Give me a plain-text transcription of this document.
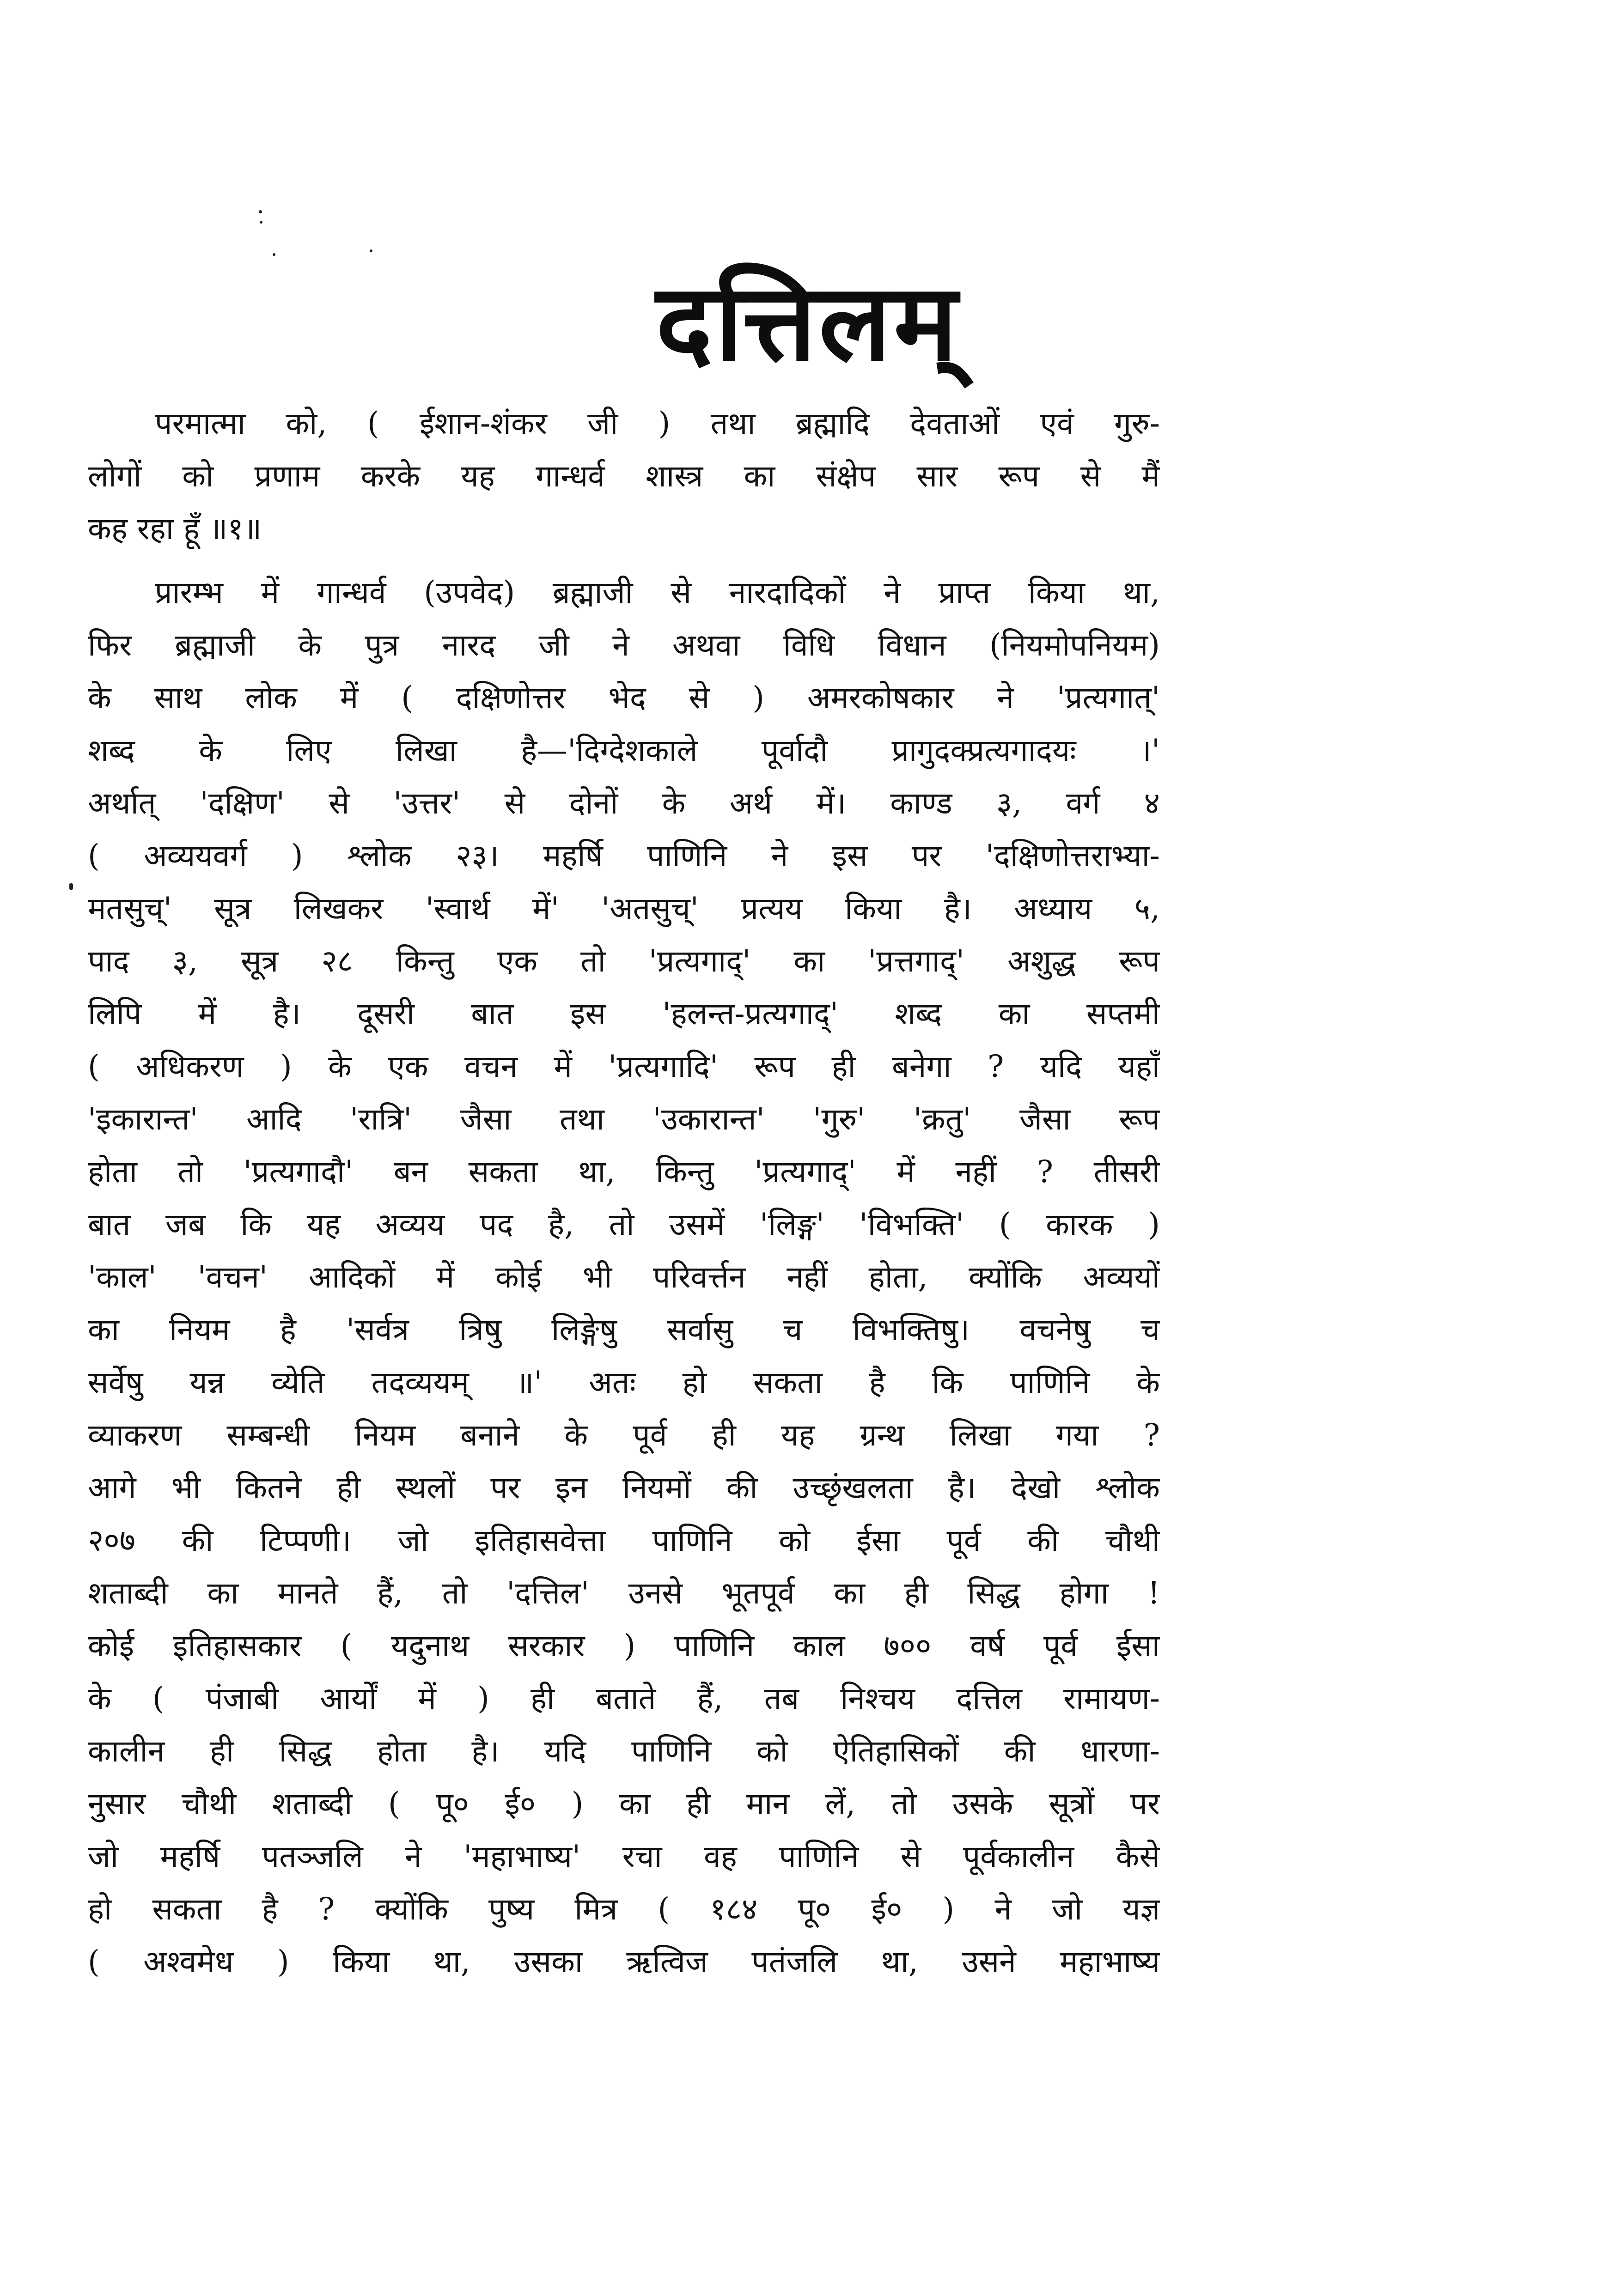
दत्तिलम्
परमात्मा को, ( ईशान-शंकर जी ) तथा ब्रह्मादि देवताओं एवं गुरु-
लोगों को प्रणाम करके यह गान्धर्व शास्त्र का संक्षेप सार रूप से मैं
कह रहा हूँ ॥१॥
प्रारम्भ में गान्धर्व (उपवेद) ब्रह्माजी से नारदादिकों ने प्राप्त किया था,
फिर ब्रह्माजी के पुत्र नारद जी ने अथवा विधि विधान (नियमोपनियम)
के साथ लोक में ( दक्षिणोत्तर भेद से ) अमरकोषकार ने 'प्रत्यगात्'
शब्द के लिए लिखा है—'दिग्देशकाले पूर्वादौ प्रागुदक्प्रत्यगादयः ।'
अर्थात् 'दक्षिण' से 'उत्तर' से दोनों के अर्थ में। काण्ड ३, वर्ग ४
( अव्ययवर्ग ) श्लोक २३। महर्षि पाणिनि ने इस पर 'दक्षिणोत्तराभ्या-
मतसुच्' सूत्र लिखकर 'स्वार्थ में' 'अतसुच्' प्रत्यय किया है। अध्याय ५,
पाद ३, सूत्र २८ किन्तु एक तो 'प्रत्यगाद्' का 'प्रत्तगाद्' अशुद्ध रूप
लिपि में है। दूसरी बात इस 'हलन्त-प्रत्यगाद्' शब्द का सप्तमी
( अधिकरण ) के एक वचन में 'प्रत्यगादि' रूप ही बनेगा ? यदि यहाँ
'इकारान्त' आदि 'रात्रि' जैसा तथा 'उकारान्त' 'गुरु' 'क्रतु' जैसा रूप
होता तो 'प्रत्यगादौ' बन सकता था, किन्तु 'प्रत्यगाद्' में नहीं ? तीसरी
बात जब कि यह अव्यय पद है, तो उसमें 'लिङ्ग' 'विभक्ति' ( कारक )
'काल' 'वचन' आदिकों में कोई भी परिवर्त्तन नहीं होता, क्योंकि अव्ययों
का नियम है 'सर्वत्र त्रिषु लिङ्गेषु सर्वासु च विभक्तिषु। वचनेषु च
सर्वेषु यन्न व्येति तदव्ययम् ॥' अतः हो सकता है कि पाणिनि के
व्याकरण सम्बन्धी नियम बनाने के पूर्व ही यह ग्रन्थ लिखा गया ?
आगे भी कितने ही स्थलों पर इन नियमों की उच्छृंखलता है। देखो श्लोक
२०७ की टिप्पणी। जो इतिहासवेत्ता पाणिनि को ईसा पूर्व की चौथी
शताब्दी का मानते हैं, तो 'दत्तिल' उनसे भूतपूर्व का ही सिद्ध होगा !
कोई इतिहासकार ( यदुनाथ सरकार ) पाणिनि काल ७०० वर्ष पूर्व ईसा
के ( पंजाबी आर्यों में ) ही बताते हैं, तब निश्चय दत्तिल रामायण-
कालीन ही सिद्ध होता है। यदि पाणिनि को ऐतिहासिकों की धारणा-
नुसार चौथी शताब्दी ( पू० ई० ) का ही मान लें, तो उसके सूत्रों पर
जो महर्षि पतञ्जलि ने 'महाभाष्य' रचा वह पाणिनि से पूर्वकालीन कैसे
हो सकता है ? क्योंकि पुष्य मित्र ( १८४ पू० ई० ) ने जो यज्ञ
( अश्वमेध ) किया था, उसका ऋत्विज पतंजलि था, उसने महाभाष्य
